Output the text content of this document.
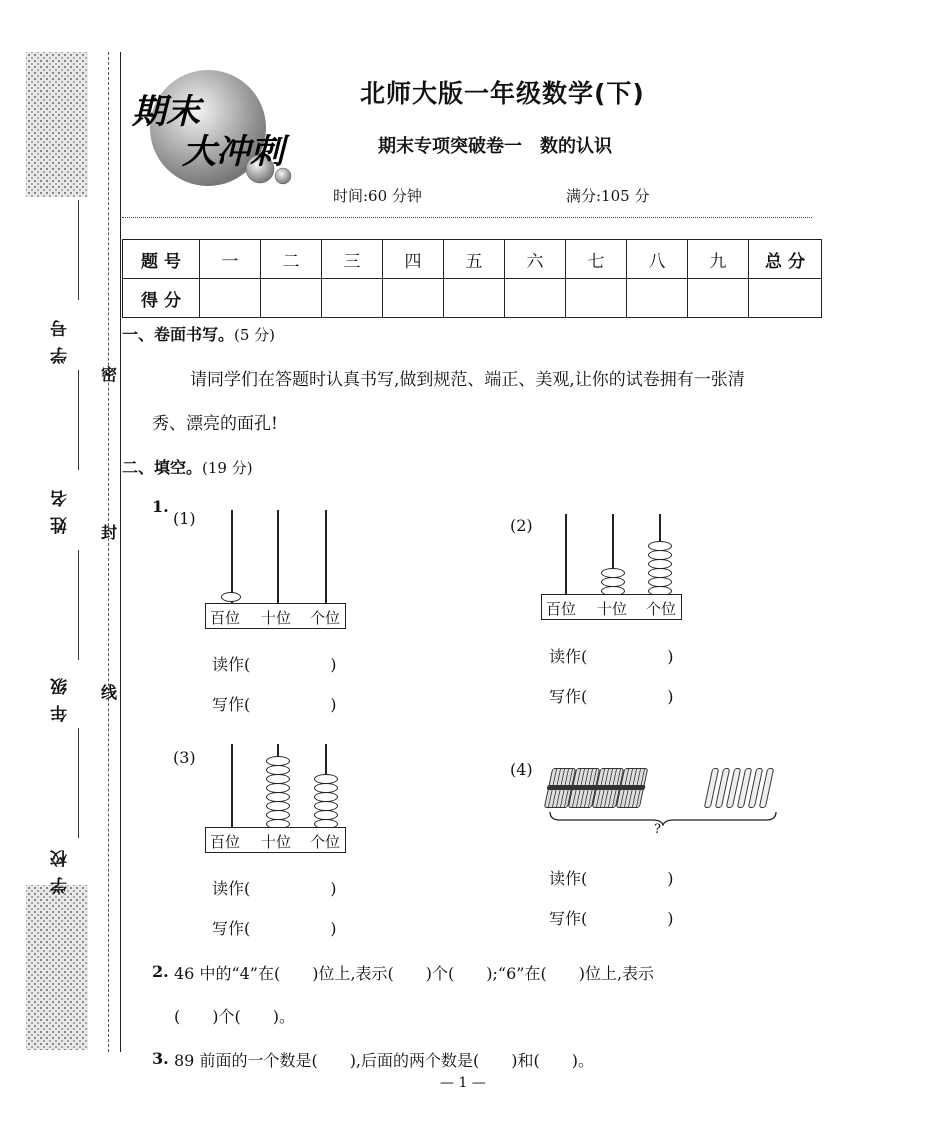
学号
姓名
年级
学校
密
封
线
期末
大冲刺
北师大版一年级数学(下)
期末专项突破卷一　数的认识
时间:60 分钟	满分:105 分
题 号	一	二	三	四	五	六	七	八	九	总 分
得 分										
一、卷面书写。(5 分)
请同学们在答题时认真书写,做到规范、端正、美观,让你的试卷拥有一张清
秀、漂亮的面孔!
二、填空。(19 分)
1.
(1)
百位 十位 个位
读作(　　　　　)
写作(　　　　　)
(2)
百位 十位 个位
读作(　　　　　)
写作(　　　　　)
(3)
百位 十位 个位
读作(　　　　　)
写作(　　　　　)
(4)
?
读作(　　　　　)
写作(　　　　　)
2. 46 中的“4”在(　　)位上,表示(　　)个(　　);“6”在(　　)位上,表示
(　　)个(　　)。
3. 89 前面的一个数是(　　),后面的两个数是(　　)和(　　)。
— 1 —
